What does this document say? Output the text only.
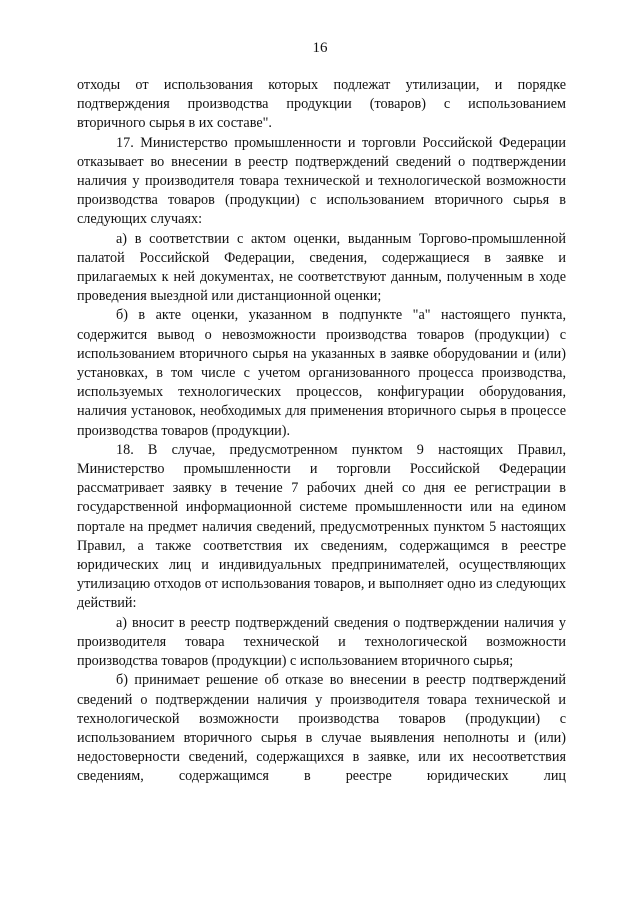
16

отходы от использования которых подлежат утилизации, и порядке подтверждения производства продукции (товаров) с использованием вторичного сырья в их составе".

17. Министерство промышленности и торговли Российской Федерации отказывает во внесении в реестр подтверждений сведений о подтверждении наличия у производителя товара технической и технологической возможности производства товаров (продукции) с использованием вторичного сырья в следующих случаях:

а) в соответствии с актом оценки, выданным Торгово-промышленной палатой Российской Федерации, сведения, содержащиеся в заявке и прилагаемых к ней документах, не соответствуют данным, полученным в ходе проведения выездной или дистанционной оценки;

б) в акте оценки, указанном в подпункте "а" настоящего пункта, содержится вывод о невозможности производства товаров (продукции) с использованием вторичного сырья на указанных в заявке оборудовании и (или) установках, в том числе с учетом организованного процесса производства, используемых технологических процессов, конфигурации оборудования, наличия установок, необходимых для применения вторичного сырья в процессе производства товаров (продукции).

18. В случае, предусмотренном пунктом 9 настоящих Правил, Министерство промышленности и торговли Российской Федерации рассматривает заявку в течение 7 рабочих дней со дня ее регистрации в государственной информационной системе промышленности или на едином портале на предмет наличия сведений, предусмотренных пунктом 5 настоящих Правил, а также соответствия их сведениям, содержащимся в реестре юридических лиц и индивидуальных предпринимателей, осуществляющих утилизацию отходов от использования товаров, и выполняет одно из следующих действий:

а) вносит в реестр подтверждений сведения о подтверждении наличия у производителя товара технической и технологической возможности производства товаров (продукции) с использованием вторичного сырья;

б) принимает решение об отказе во внесении в реестр подтверждений сведений о подтверждении наличия у производителя товара технической и технологической возможности производства товаров (продукции) с использованием вторичного сырья в случае выявления неполноты и (или) недостоверности сведений, содержащихся в заявке, или их несоответствия сведениям, содержащимся в реестре юридических лиц
